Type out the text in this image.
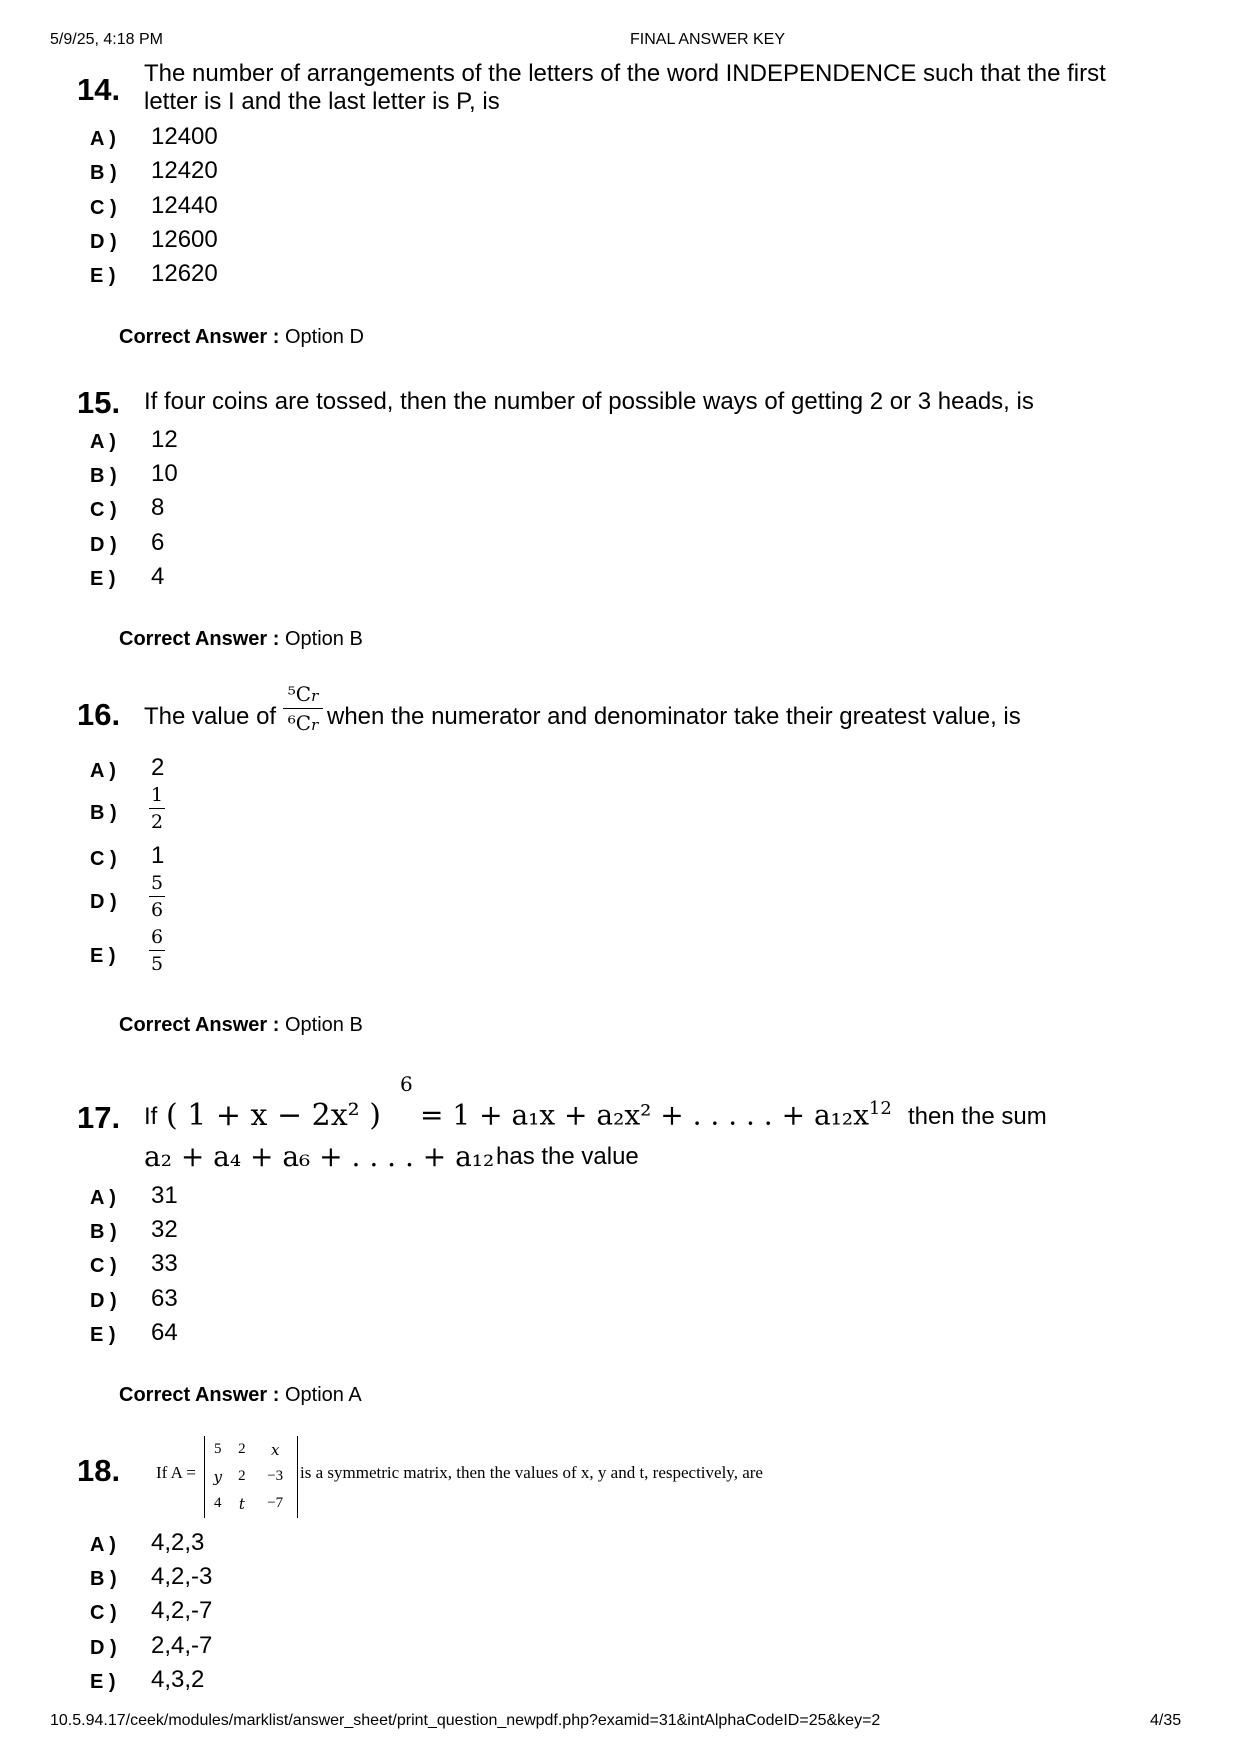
5/9/25, 4:18 PM	FINAL ANSWER KEY
14. The number of arrangements of the letters of the word INDEPENDENCE such that the first
letter is I and the last letter is P, is
A )	12400
B )	12420
C )	12440
D )	12600
E )	12620
Correct Answer : Option D
15. If four coins are tossed, then the number of possible ways of getting 2 or 3 heads, is
A )	12
B )	10
C )	8
D )	6
E )	4
Correct Answer : Option B
16. The value of
⁵Cr
⁶Cr when the numerator and denominator take their greatest value, is
A )	2
B )
1
2
C )	1
D )
5
6
E )
6
5
Correct Answer : Option B
17. If ( 1 + x − 2x² )
6
= 1 + a₁x + a₂x² + . . . . . + $a_{12}x^{12}$ then the sum
a₂ + a₄ + a₆ + . . . . + a₁₂ has the value
A )	31
B )	32
C )	33
D )	63
E )	64
Correct Answer : Option A
18. If A =
5	2	x
y	2	−3
4	t	−7
is a symmetric matrix, then the values of x, y and t, respectively, are
A )	4,2,3
B )	4,2,-3
C )	4,2,-7
D )	2,4,-7
E )	4,3,2
10.5.94.17/ceek/modules/marklist/answer_sheet/print_question_newpdf.php?examid=31&intAlphaCodeID=25&key=2	4/35
